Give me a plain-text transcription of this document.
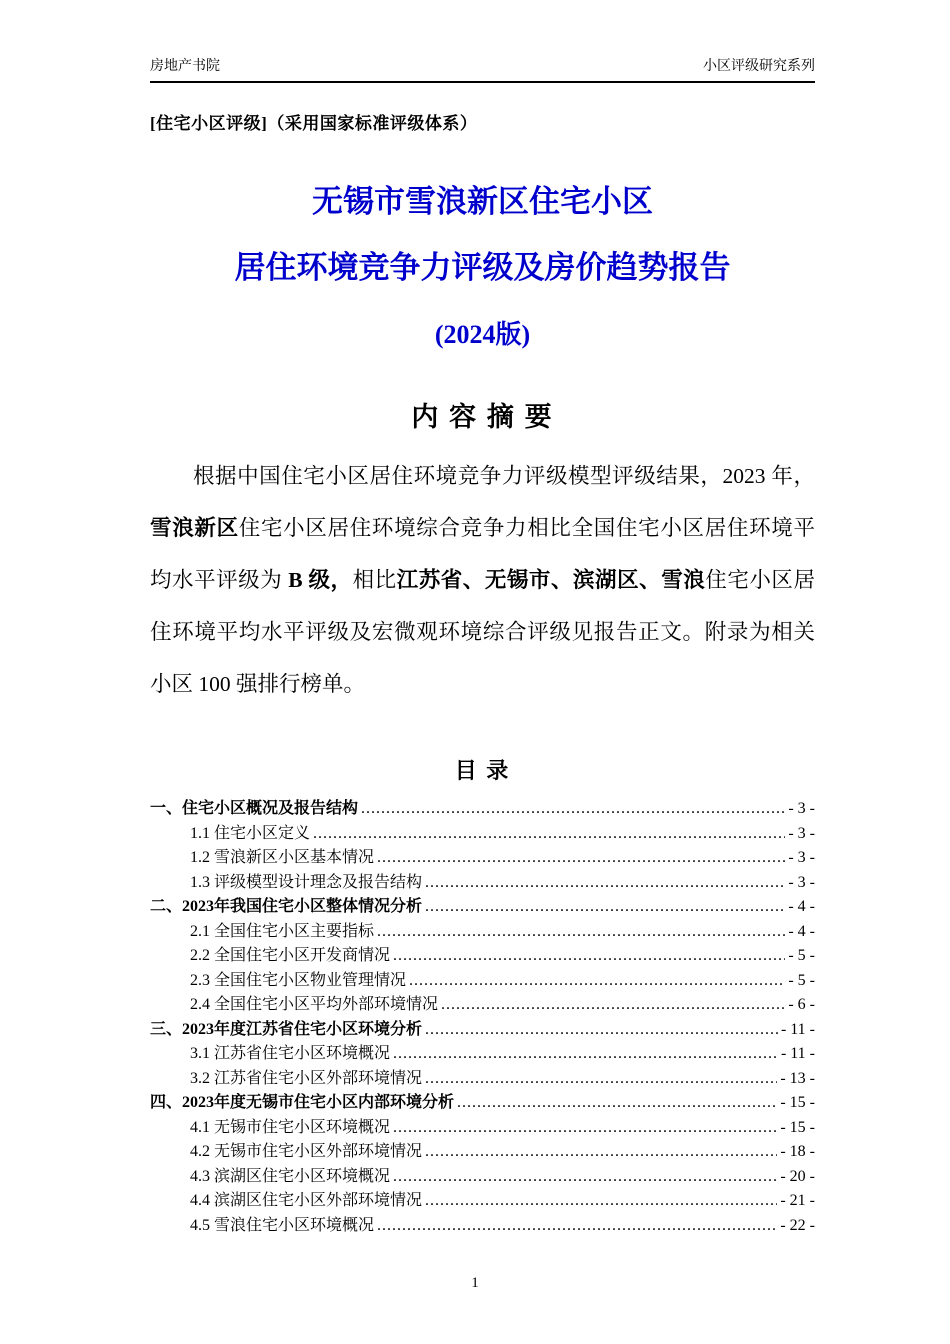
房地产书院	小区评级研究系列
[住宅小区评级]（采用国家标准评级体系）
无锡市雪浪新区住宅小区
居住环境竞争力评级及房价趋势报告
(2024版)
内 容 摘 要
根据中国住宅小区居住环境竞争力评级模型评级结果，2023 年，雪浪新区住宅小区居住环境综合竞争力相比全国住宅小区居住环境平均水平评级为 B 级，相比江苏省、无锡市、滨湖区、雪浪住宅小区居住环境平均水平评级及宏微观环境综合评级见报告正文。附录为相关小区 100 强排行榜单。
目 录
一、住宅小区概况及报告结构 .....	- 3 -
1.1 住宅小区定义 .....	- 3 -
1.2 雪浪新区小区基本情况 .....	- 3 -
1.3 评级模型设计理念及报告结构 .....	- 3 -
二、2023年我国住宅小区整体情况分析 .....	- 4 -
2.1 全国住宅小区主要指标 .....	- 4 -
2.2 全国住宅小区开发商情况 .....	- 5 -
2.3 全国住宅小区物业管理情况 .....	- 5 -
2.4 全国住宅小区平均外部环境情况 .....	- 6 -
三、2023年度江苏省住宅小区环境分析 .....	- 11 -
3.1 江苏省住宅小区环境概况 .....	- 11 -
3.2 江苏省住宅小区外部环境情况 .....	- 13 -
四、2023年度无锡市住宅小区内部环境分析 .....	- 15 -
4.1 无锡市住宅小区环境概况 .....	- 15 -
4.2 无锡市住宅小区外部环境情况 .....	- 18 -
4.3 滨湖区住宅小区环境概况 .....	- 20 -
4.4 滨湖区住宅小区外部环境情况 .....	- 21 -
4.5 雪浪住宅小区环境概况 .....	- 22 -
1
